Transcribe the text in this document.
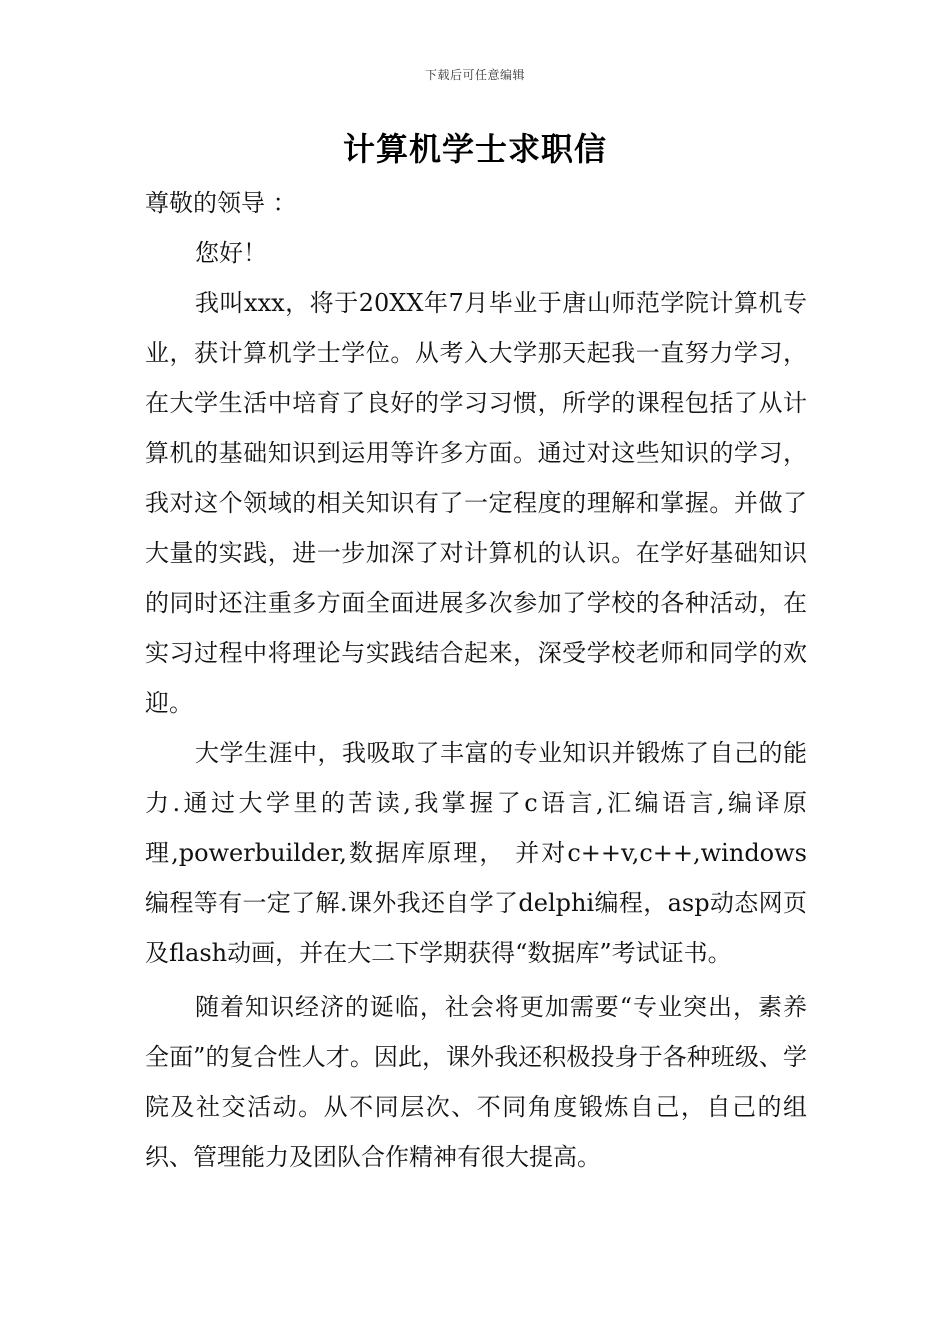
下载后可任意编辑
计算机学士求职信

尊敬的领导 ：

您好！

我叫xxx，将于20XX年7月毕业于唐山师范学院计算机专业，获计算机学士学位。从考入大学那天起我一直努力学习，在大学生活中培育了良好的学习习惯，所学的课程包括了从计算机的基础知识到运用等许多方面。通过对这些知识的学习，我对这个领域的相关知识有了一定程度的理解和掌握。并做了大量的实践，进一步加深了对计算机的认识。在学好基础知识的同时还注重多方面全面进展多次参加了学校的各种活动，在实习过程中将理论与实践结合起来，深受学校老师和同学的欢迎。

大学生涯中，我吸取了丰富的专业知识并锻炼了自己的能力.通过大学里的苦读,我掌握了c语言,汇编语言,编译原理,powerbuilder,数据库原理， 并对c++v,c++,windows编程等有一定了解.课外我还自学了delphi编程，asp动态网页及flash动画，并在大二下学期获得“数据库”考试证书。

随着知识经济的诞临，社会将更加需要“专业突出，素养全面”的复合性人才。因此，课外我还积极投身于各种班级、学院及社交活动。从不同层次、不同角度锻炼自己，自己的组织、管理能力及团队合作精神有很大提高。
